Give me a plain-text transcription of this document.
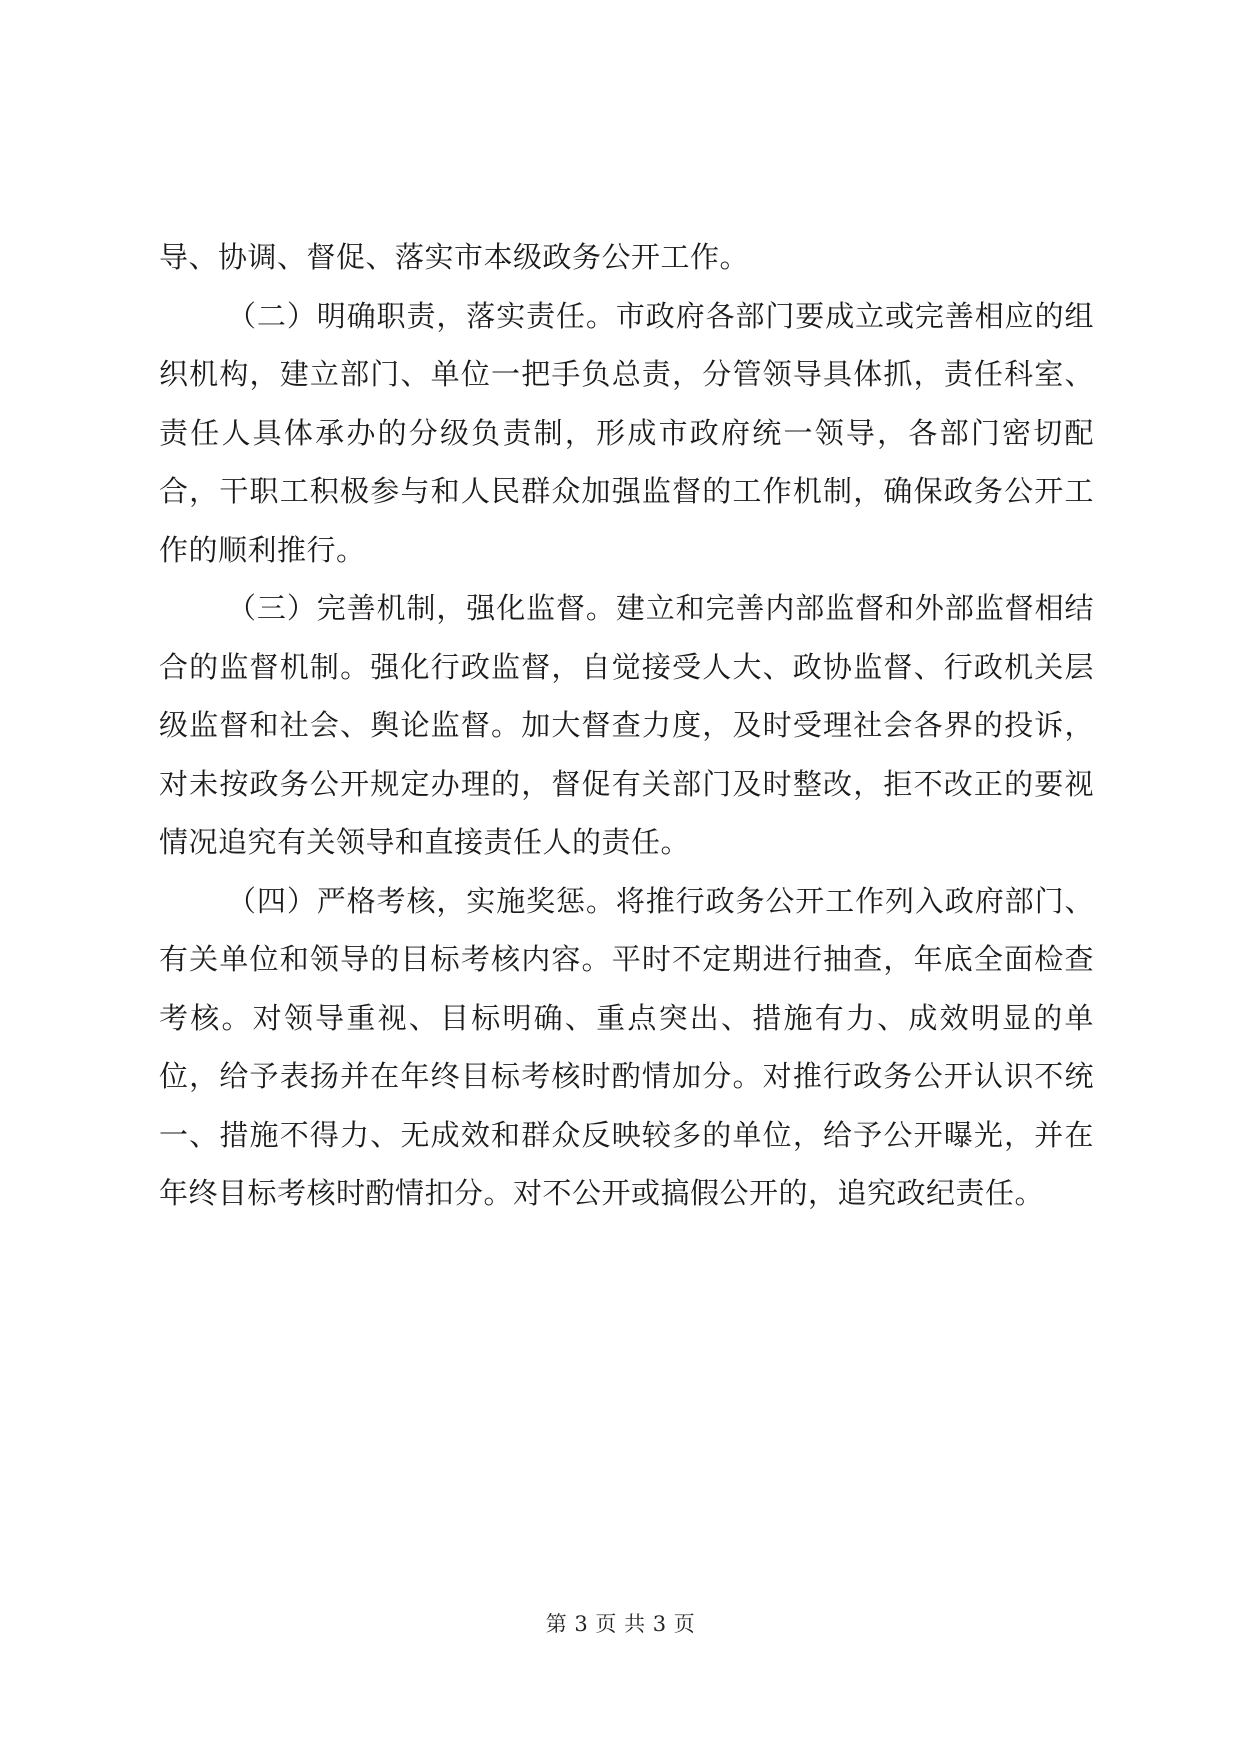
导、协调、督促、落实市本级政务公开工作。

（二）明确职责，落实责任。市政府各部门要成立或完善相应的组织机构，建立部门、单位一把手负总责，分管领导具体抓，责任科室、责任人具体承办的分级负责制，形成市政府统一领导，各部门密切配合，干职工积极参与和人民群众加强监督的工作机制，确保政务公开工作的顺利推行。

（三）完善机制，强化监督。建立和完善内部监督和外部监督相结合的监督机制。强化行政监督，自觉接受人大、政协监督、行政机关层级监督和社会、舆论监督。加大督查力度，及时受理社会各界的投诉，对未按政务公开规定办理的，督促有关部门及时整改，拒不改正的要视情况追究有关领导和直接责任人的责任。

（四）严格考核，实施奖惩。将推行政务公开工作列入政府部门、有关单位和领导的目标考核内容。平时不定期进行抽查，年底全面检查考核。对领导重视、目标明确、重点突出、措施有力、成效明显的单位，给予表扬并在年终目标考核时酌情加分。对推行政务公开认识不统一、措施不得力、无成效和群众反映较多的单位，给予公开曝光，并在年终目标考核时酌情扣分。对不公开或搞假公开的，追究政纪责任。

第 3 页 共 3 页
